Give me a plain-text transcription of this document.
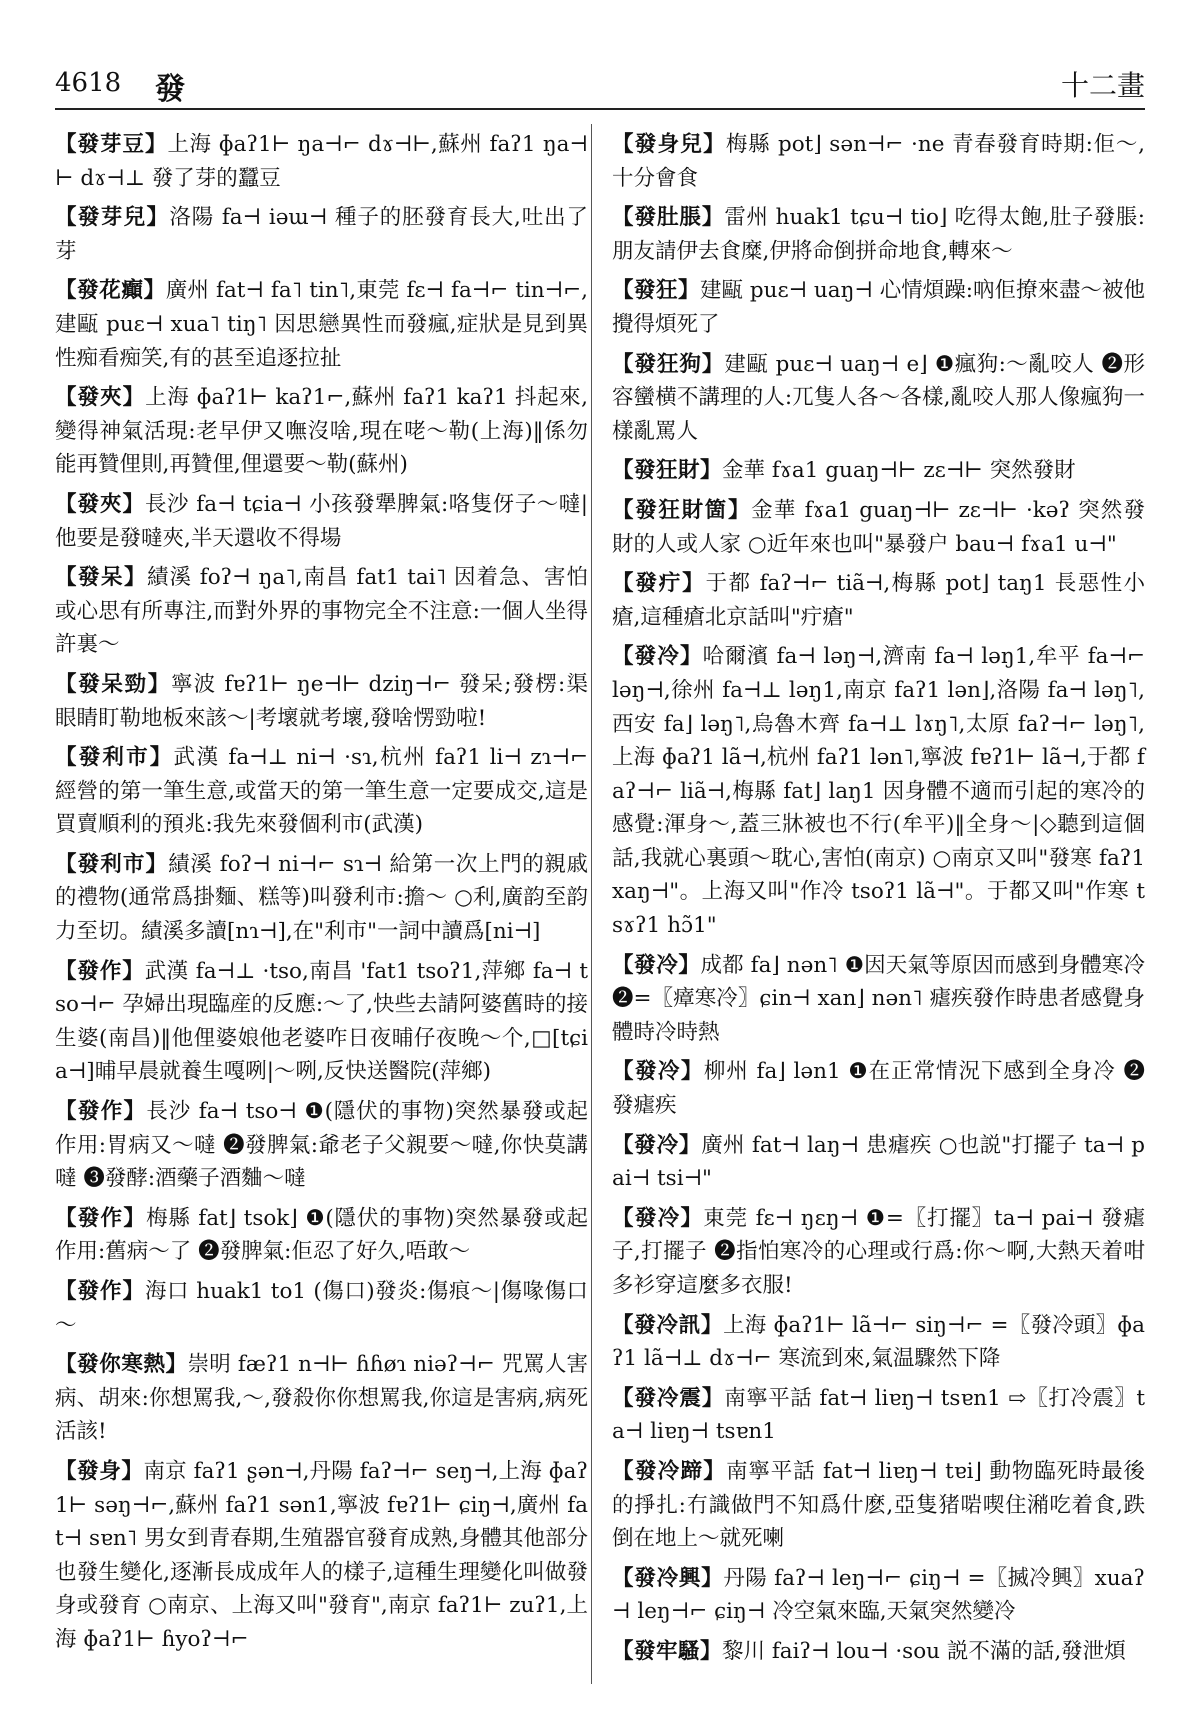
4618 發	十二畫
【發芽豆】上海 ɸaʔ1⊢ ŋa⊣⌐ dɤ⊣⊢,蘇州 faʔ1 ŋa⊣⊢ dɤ⊣⊥ 發了芽的蠶豆
【發芽兒】洛陽 fa⊣ iəɯ⊣ 種子的胚發育長大,吐出了芽
【發花癲】廣州 fat⊣ fa˥ tin˥,東莞 fɛ⊣ fa⊣⌐ tin⊣⌐,建甌 puɛ⊣ xua˥ tiŋ˥ 因思戀異性而發瘋,症狀是見到異性痴看痴笑,有的甚至追逐拉扯
【發夾】上海 ɸaʔ1⊢ kaʔ1⌐,蘇州 faʔ1 kaʔ1 抖起來,變得神氣活現:老早伊又嘸沒啥,現在咾～勒(上海)‖係勿能再贊俚則,再贊俚,俚還要～勒(蘇州)
【發夾】長沙 fa⊣ tɕia⊣ 小孩發犟脾氣:咯隻伢子～噠|他要是發噠夾,半天還收不得場
【發呆】績溪 foʔ⊣ ŋa˥,南昌 fat1 tai˥ 因着急、害怕或心思有所專注,而對外界的事物完全不注意:一個人坐得許裏～
【發呆勁】寧波 fɐʔ1⊢ ŋe⊣⊢ dziŋ⊣⌐ 發呆;發楞:渠眼睛盯勒地板來該～|考壞就考壞,發啥愣勁啦!
【發利市】武漢 fa⊣⊥ ni⊣ ·sɿ,杭州 faʔ1 li⊣ zɿ⊣⌐ 經營的第一筆生意,或當天的第一筆生意一定要成交,這是買賣順利的預兆:我先來發個利市(武漢)
【發利市】績溪 foʔ⊣ ni⊣⌐ sɿ⊣ 給第一次上門的親戚的禮物(通常爲掛麵、糕等)叫發利市:擔～ ○利,廣韵至韵力至切。績溪多讀[nɿ⊣],在"利市"一詞中讀爲[ni⊣]
【發作】武漢 fa⊣⊥ ·tso,南昌 'fat1 tsoʔ1,萍鄉 fa⊣ tso⊣⌐ 孕婦出現臨産的反應:～了,快些去請阿婆舊時的接生婆(南昌)‖他俚婆娘他老婆咋日夜晡仔夜晚～个,□[tɕia⊣]晡早晨就養生嘎咧|～咧,反快送醫院(萍鄉)
【發作】長沙 fa⊣ tso⊣ ❶(隱伏的事物)突然暴發或起作用:胃病又～噠 ❷發脾氣:爺老子父親要～噠,你快莫講噠 ❸發酵:酒藥子酒麯～噠
【發作】梅縣 fat⌋ tsok⌋ ❶(隱伏的事物)突然暴發或起作用:舊病～了 ❷發脾氣:佢忍了好久,唔敢～
【發作】海口 huak1 to1 (傷口)發炎:傷痕～|傷喙傷口～
【發你寒熱】崇明 fæʔ1 n⊣⊢ ɦɦøɿ niəʔ⊣⌐ 咒罵人害病、胡來:你想罵我,～,發殺你你想罵我,你這是害病,病死活該!
【發身】南京 faʔ1 ʂən⊣,丹陽 faʔ⊣⌐ seŋ⊣,上海 ɸaʔ1⊢ səŋ⊣⌐,蘇州 faʔ1 sən1,寧波 fɐʔ1⊢ ɕiŋ⊣,廣州 fat⊣ sɐn˥ 男女到青春期,生殖器官發育成熟,身體其他部分也發生變化,逐漸長成成年人的樣子,這種生理變化叫做發身或發育 ○南京、上海又叫"發育",南京 faʔ1⊢ zuʔ1,上海 ɸaʔ1⊢ ɦyoʔ⊣⌐
【發身兒】梅縣 pot⌋ sən⊣⌐ ·ne 青春發育時期:佢～,十分會食
【發肚脹】雷州 huak1 tɕu⊣ tio⌋ 吃得太飽,肚子發脹:朋友請伊去食糜,伊將命倒拼命地食,轉來～
【發狂】建甌 puɛ⊣ uaŋ⊣ 心情煩躁:吶佢撩來盡～被他攪得煩死了
【發狂狗】建甌 puɛ⊣ uaŋ⊣ e⌋ ❶瘋狗:～亂咬人 ❷形容蠻横不講理的人:兀隻人各～各樣,亂咬人那人像瘋狗一樣亂罵人
【發狂財】金華 fɤa1 guaŋ⊣⊢ zɛ⊣⊢ 突然發財
【發狂財箇】金華 fɤa1 guaŋ⊣⊢ zɛ⊣⊢ ·kəʔ 突然發財的人或人家 ○近年來也叫"暴發户 bau⊣ fɤa1 u⊣"
【發疔】于都 faʔ⊣⌐ tiã⊣,梅縣 pot⌋ taŋ1 長惡性小瘡,這種瘡北京話叫"疔瘡"
【發冷】哈爾濱 fa⊣ ləŋ⊣,濟南 fa⊣ ləŋ1,牟平 fa⊣⌐ ləŋ⊣,徐州 fa⊣⊥ ləŋ1,南京 faʔ1 lən⌋,洛陽 fa⊣ ləŋ˥,西安 fa⌋ ləŋ˥,烏魯木齊 fa⊣⊥ lɤŋ˥,太原 faʔ⊣⌐ ləŋ˥,上海 ɸaʔ1 lã⊣,杭州 faʔ1 lən˥,寧波 fɐʔ1⊢ lã⊣,于都 faʔ⊣⌐ liã⊣,梅縣 fat⌋ laŋ1 因身體不適而引起的寒冷的感覺:渾身～,蓋三牀被也不行(牟平)‖全身～|◇聽到這個話,我就心裏頭～耽心,害怕(南京) ○南京又叫"發寒 faʔ1 xaŋ⊣"。上海又叫"作冷 tsoʔ1 lã⊣"。于都又叫"作寒 tsɤʔ1 hɔ̃1"
【發冷】成都 fa⌋ nən˥ ❶因天氣等原因而感到身體寒冷 ❷=〖瘴寒冷〗ɕin⊣ xan⌋ nən˥ 瘧疾發作時患者感覺身體時冷時熱
【發冷】柳州 fa⌋ lən1 ❶在正常情況下感到全身冷 ❷發瘧疾
【發冷】廣州 fat⊣ laŋ⊣ 患瘧疾 ○也説"打擺子 ta⊣ pai⊣ tsi⊣"
【發冷】東莞 fɛ⊣ ŋɛŋ⊣ ❶=〖打擺〗ta⊣ pai⊣ 發瘧子,打擺子 ❷指怕寒冷的心理或行爲:你～啊,大熱天着咁多衫穿這麼多衣服!
【發冷訊】上海 ɸaʔ1⊢ lã⊣⌐ siŋ⊣⌐ =〖發冷頭〗ɸaʔ1 lã⊣⊥ dɤ⊣⌐ 寒流到來,氣温驟然下降
【發冷震】南寧平話 fat⊣ liɐŋ⊣ tsɐn1 ⇨〖打冷震〗ta⊣ liɐŋ⊣ tsɐn1
【發冷蹄】南寧平話 fat⊣ liɐŋ⊣ tɐi⌋ 動物臨死時最後的掙扎:冇識做門不知爲什麽,亞隻猪啱喫住潲吃着食,跌倒在地上～就死喇
【發冷興】丹陽 faʔ⊣ leŋ⊣⌐ ɕiŋ⊣ =〖搣冷興〗xuaʔ⊣ leŋ⊣⌐ ɕiŋ⊣ 冷空氣來臨,天氣突然變冷
【發牢騷】黎川 faiʔ⊣ lou⊣ ·sou 説不滿的話,發泄煩
